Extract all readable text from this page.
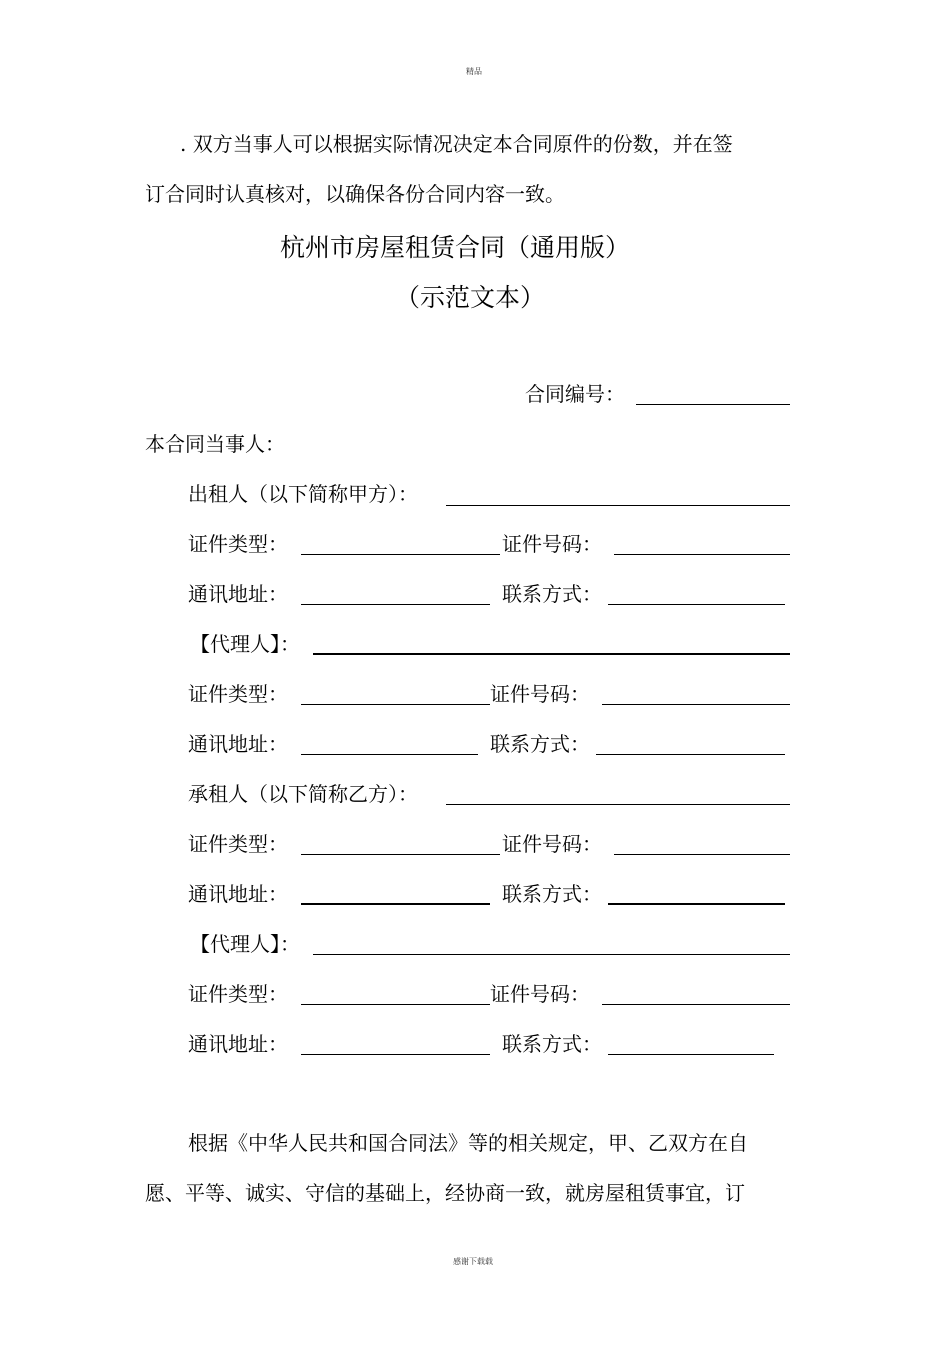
精品
感谢下载载
. 双方当事人可以根据实际情况决定本合同原件的份数，并在签
订合同时认真核对，以确保各份合同内容一致。
杭州市房屋租赁合同（通用版）
（示范文本）
合同编号：
本合同当事人：
出租人（以下简称甲方）：
证件类型：	证件号码：
通讯地址：	联系方式：
【代理人】：
证件类型：	证件号码：
通讯地址：	联系方式：
承租人（以下简称乙方）：
证件类型：	证件号码：
通讯地址：	联系方式：
【代理人】：
证件类型：	证件号码：
通讯地址：	联系方式：
根据《中华人民共和国合同法》等的相关规定，甲、乙双方在自
愿、平等、诚实、守信的基础上，经协商一致，就房屋租赁事宜，订
